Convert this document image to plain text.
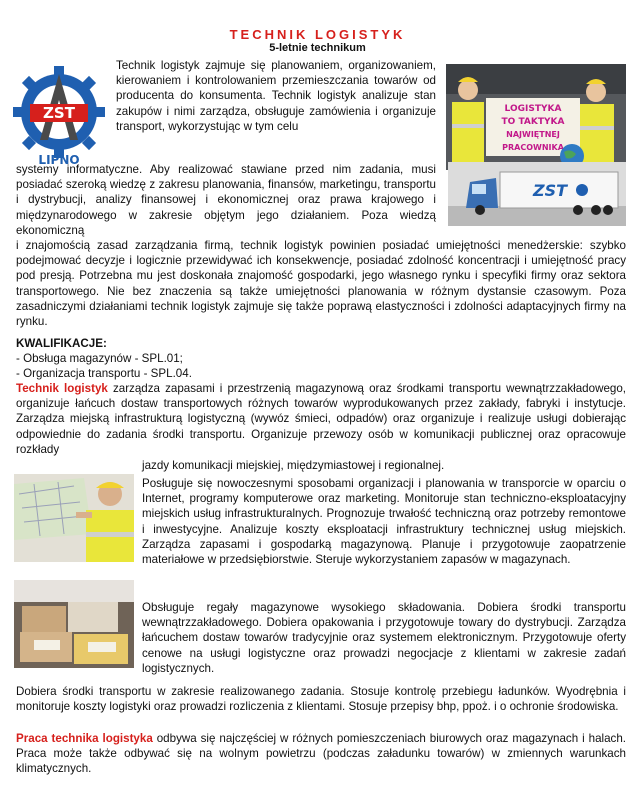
TECHNIK LOGISTYK
5-letnie technikum
ZST
LIPNO
LOGISTYKA
TO TAKTYKA
NAJWIĘTNEJ
PRACOWNIKA
ZST
Technik logistyk zajmuje się planowaniem, organizowaniem, kierowaniem i kontrolowaniem przemieszczania towarów od producenta do konsumenta. Technik logistyk analizuje stan zakupów i nimi zarządza, obsługuje zamówienia i organizuje transport, wykorzystując w tym celu
systemy informatyczne. Aby realizować stawiane przed nim zadania, musi posiadać szeroką wiedzę z zakresu planowania, finansów, marketingu, transportu i dystrybucji, analizy finansowej i ekonomicznej oraz prawa krajowego i międzynarodowego w zakresie objętym jego działaniem. Poza wiedzą ekonomiczną
i znajomością zasad zarządzania firmą, technik logistyk powinien posiadać umiejętności menedżerskie: szybko podejmować decyzje i logicznie przewidywać ich konsekwencje, posiadać zdolność koncentracji i umiejętność pracy pod presją. Potrzebna mu jest doskonała znajomość gospodarki, jego własnego rynku i specyfiki firmy oraz sektora transportowego. Nie bez znaczenia są także umiejętności planowania w różnym dystansie czasowym. Poza zasadniczymi działaniami technik logistyk zajmuje się także poprawą elastyczności i zdolności adaptacyjnych firmy na rynku.
KWALIFIKACJE:
- Obsługa magazynów - SPL.01;
- Organizacja transportu - SPL.04.
Technik logistyk zarządza zapasami i przestrzenią magazynową oraz środkami transportu wewnątrzzakładowego, organizuje łańcuch dostaw transportowych różnych towarów wyprodukowanych przez zakłady, fabryki i instytucje. Zarządza miejską infrastrukturą logistyczną (wywóz śmieci, odpadów) oraz organizuje i realizuje usługi dobierając odpowiednie do zadania środki transportu. Organizuje przewozy osób w komunikacji publicznej oraz opracowuje rozkłady
jazdy komunikacji miejskiej, międzymiastowej i regionalnej.
Posługuje się nowoczesnymi sposobami organizacji i planowania w transporcie w oparciu o Internet, programy komputerowe oraz marketing. Monitoruje stan techniczno-eksploatacyjny miejskich usług infrastrukturalnych. Prognozuje trwałość techniczną oraz potrzeby remontowe i inwestycyjne. Analizuje koszty eksploatacji infrastruktury technicznej usług miejskich. Zarządza zapasami i gospodarką magazynową. Planuje i przygotowuje zaopatrzenie materiałowe w przedsiębiorstwie. Steruje wykorzystaniem zapasów w magazynach.
Obsługuje regały magazynowe wysokiego składowania. Dobiera środki transportu wewnątrzzakładowego. Dobiera opakowania i przygotowuje towary do dystrybucji. Zarządza łańcuchem dostaw towarów tradycyjnie oraz systemem elektronicznym. Przygotowuje oferty cenowe na usługi logistyczne oraz prowadzi negocjacje z klientami w zakresie zadań logistycznych.
Dobiera środki transportu w zakresie realizowanego zadania. Stosuje kontrolę przebiegu ładunków. Wyodrębnia i monitoruje koszty logistyki oraz prowadzi rozliczenia z klientami. Stosuje przepisy bhp, ppoż. i o ochronie środowiska.
Praca technika logistyka odbywa się najczęściej w różnych pomieszczeniach biurowych oraz magazynach i halach. Praca może także odbywać się na wolnym powietrzu (podczas załadunku towarów) w zmiennych warunkach klimatycznych.
